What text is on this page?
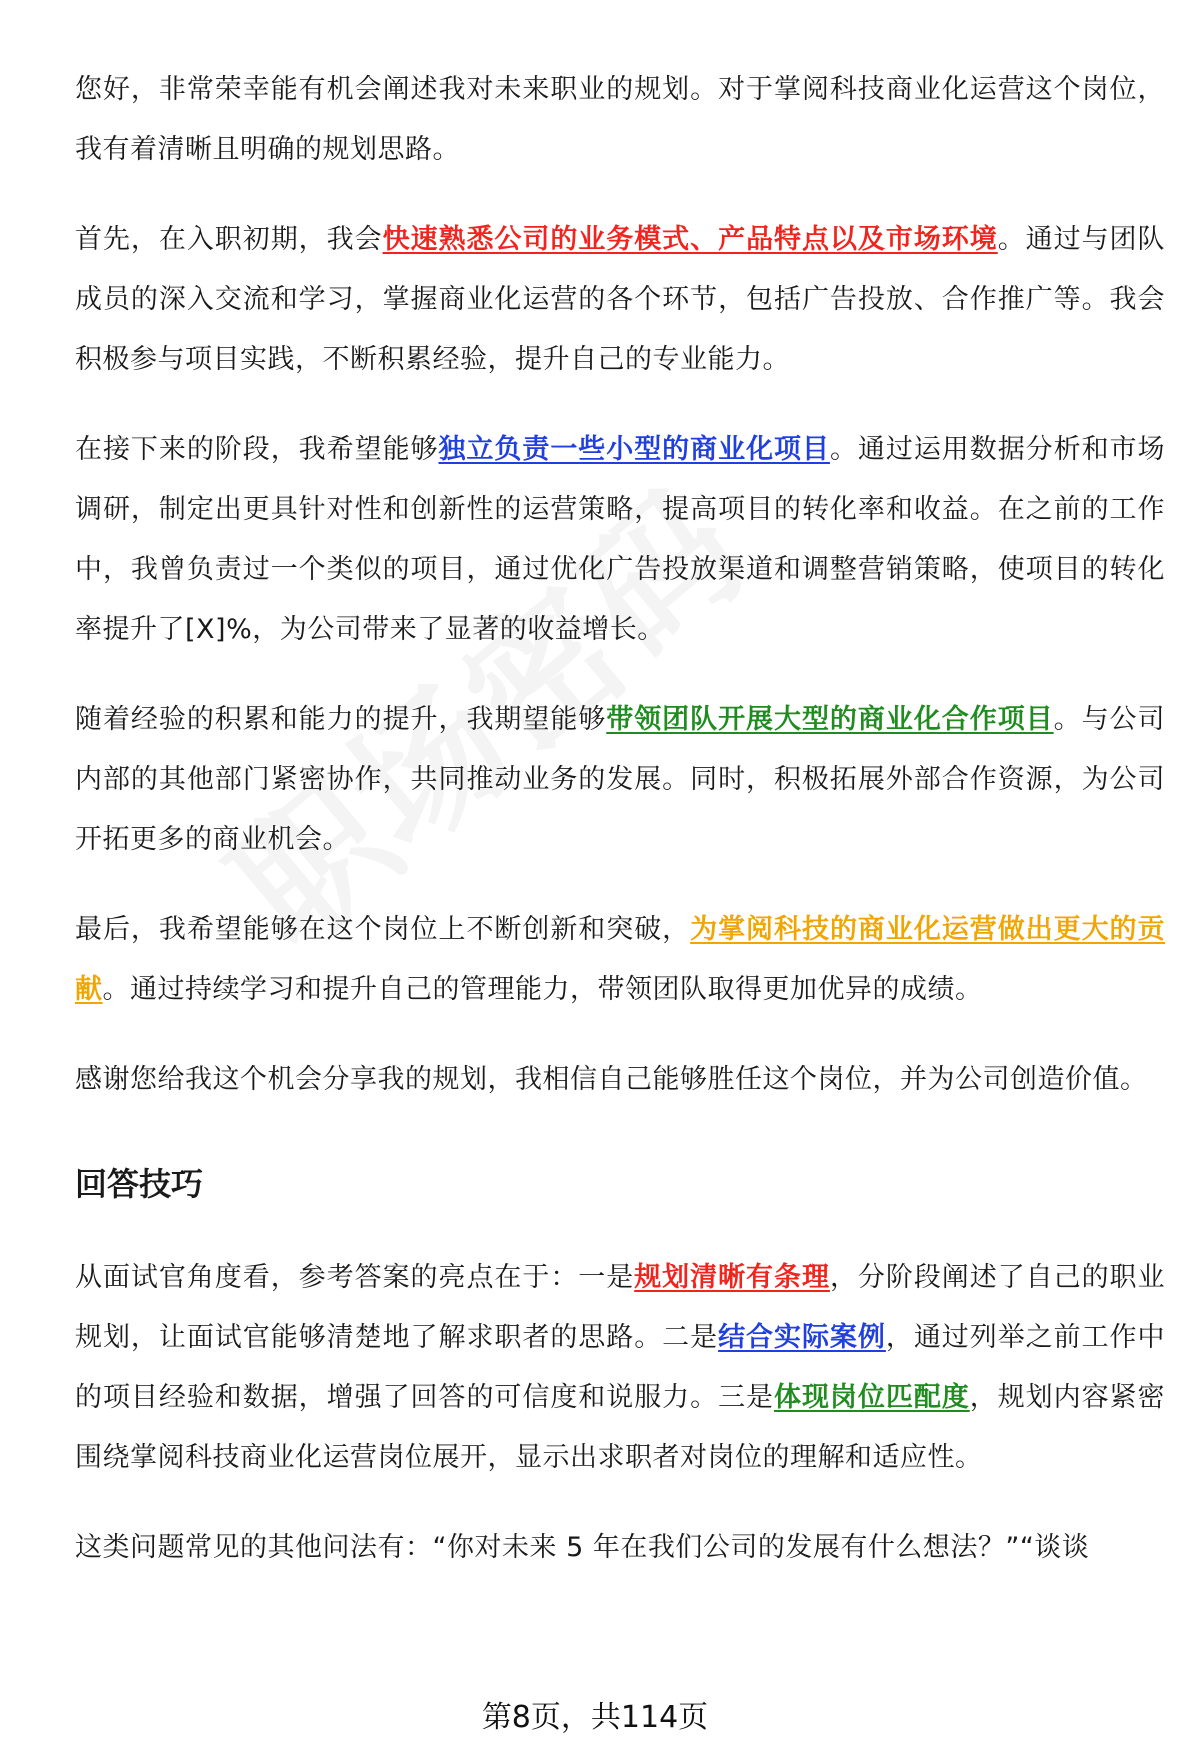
您好，非常荣幸能有机会阐述我对未来职业的规划。对于掌阅科技商业化运营这个岗位，我有着清晰且明确的规划思路。

首先，在入职初期，我会快速熟悉公司的业务模式、产品特点以及市场环境。通过与团队成员的深入交流和学习，掌握商业化运营的各个环节，包括广告投放、合作推广等。我会积极参与项目实践，不断积累经验，提升自己的专业能力。

在接下来的阶段，我希望能够独立负责一些小型的商业化项目。通过运用数据分析和市场调研，制定出更具针对性和创新性的运营策略，提高项目的转化率和收益。在之前的工作中，我曾负责过一个类似的项目，通过优化广告投放渠道和调整营销策略，使项目的转化率提升了[X]%，为公司带来了显著的收益增长。

随着经验的积累和能力的提升，我期望能够带领团队开展大型的商业化合作项目。与公司内部的其他部门紧密协作，共同推动业务的发展。同时，积极拓展外部合作资源，为公司开拓更多的商业机会。

最后，我希望能够在这个岗位上不断创新和突破，为掌阅科技的商业化运营做出更大的贡献。通过持续学习和提升自己的管理能力，带领团队取得更加优异的成绩。

感谢您给我这个机会分享我的规划，我相信自己能够胜任这个岗位，并为公司创造价值。

回答技巧

从面试官角度看，参考答案的亮点在于：一是规划清晰有条理，分阶段阐述了自己的职业规划，让面试官能够清楚地了解求职者的思路。二是结合实际案例，通过列举之前工作中的项目经验和数据，增强了回答的可信度和说服力。三是体现岗位匹配度，规划内容紧密围绕掌阅科技商业化运营岗位展开，显示出求职者对岗位的理解和适应性。

这类问题常见的其他问法有：“你对未来 5 年在我们公司的发展有什么想法？”“谈谈
第8页，共114页
